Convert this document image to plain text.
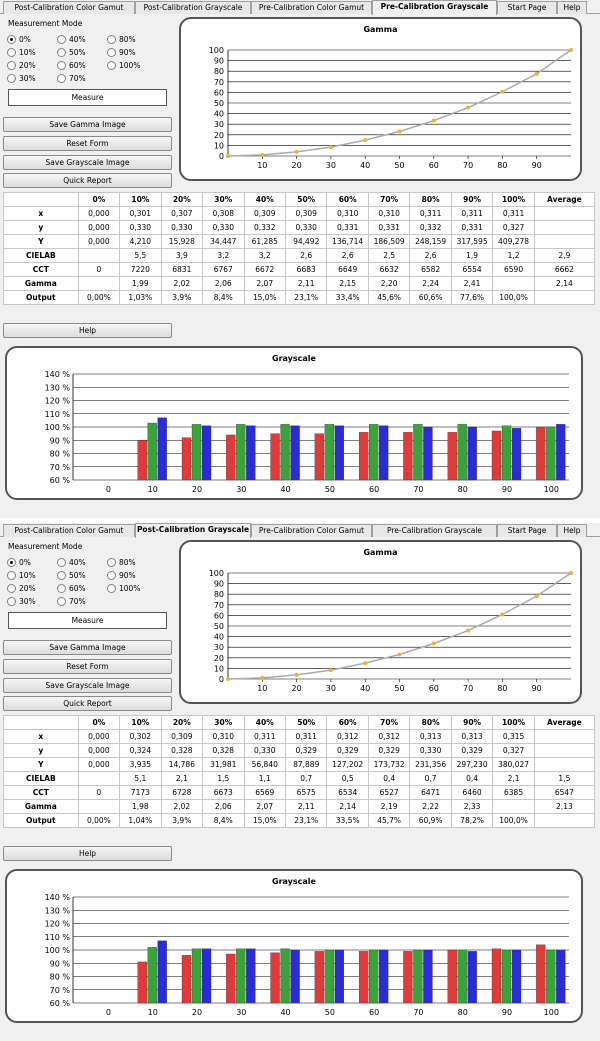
Post-Calibration Color Gamut	Post-Calibration Grayscale	Pre-Calibration Color Gamut	Pre-Calibration Grayscale	Start Page	Help
Measurement Mode
0%
10%
20%
30%
40%
50%
60%
70%
80%
90%
100%
Measure
Save Gamma Image
Reset Form
Save Grayscale Image
Quick Report
Gamma
0
10
20
30
40
50
60
70
80
90
100
10	20	30	40	50	60	70	80	90
	0%	10%	20%	30%	40%	50%	60%	70%	80%	90%	100%	Average
x	0,000	0,301	0,307	0,308	0,309	0,309	0,310	0,310	0,311	0,311	0,311	
y	0,000	0,330	0,330	0,330	0,332	0,330	0,331	0,331	0,332	0,331	0,327	
Y	0,000	4,210	15,928	34,447	61,285	94,492	136,714	186,509	248,159	317,595	409,278	
CIELAB		5,5	3,9	3,2	3,2	2,6	2,6	2,5	2,6	1,9	1,2	2,9
CCT	0	7220	6831	6767	6672	6683	6649	6632	6582	6554	6590	6662
Gamma		1,99	2,02	2,06	2,07	2,11	2,15	2,20	2,24	2,41		2,14
Output	0,00%	1,03%	3,9%	8,4%	15,0%	23,1%	33,4%	45,6%	60,6%	77,6%	100,0%	
Help
Grayscale
60 %
70 %
80 %
90 %
100 %
110 %
120 %
130 %
140 %
0	10	20	30	40	50	60	70	80	90	100
Post-Calibration Color Gamut	Post-Calibration Grayscale	Pre-Calibration Color Gamut	Pre-Calibration Grayscale	Start Page	Help
Measurement Mode
0%
10%
20%
30%
40%
50%
60%
70%
80%
90%
100%
Measure
Save Gamma Image
Reset Form
Save Grayscale Image
Quick Report
Gamma
0
10
20
30
40
50
60
70
80
90
100
10	20	30	40	50	60	70	80	90
	0%	10%	20%	30%	40%	50%	60%	70%	80%	90%	100%	Average
x	0,000	0,302	0,309	0,310	0,311	0,311	0,312	0,312	0,313	0,313	0,315	
y	0,000	0,324	0,328	0,328	0,330	0,329	0,329	0,329	0,330	0,329	0,327	
Y	0,000	3,935	14,786	31,981	56,840	87,889	127,202	173,732	231,356	297,230	380,027	
CIELAB		5,1	2,1	1,5	1,1	0,7	0,5	0,4	0,7	0,4	2,1	1,5
CCT	0	7173	6728	6673	6569	6575	6534	6527	6471	6460	6385	6547
Gamma		1,98	2,02	2,06	2,07	2,11	2,14	2,19	2,22	2,33		2,13
Output	0,00%	1,04%	3,9%	8,4%	15,0%	23,1%	33,5%	45,7%	60,9%	78,2%	100,0%	
Help
Grayscale
60 %
70 %
80 %
90 %
100 %
110 %
120 %
130 %
140 %
0	10	20	30	40	50	60	70	80	90	100
